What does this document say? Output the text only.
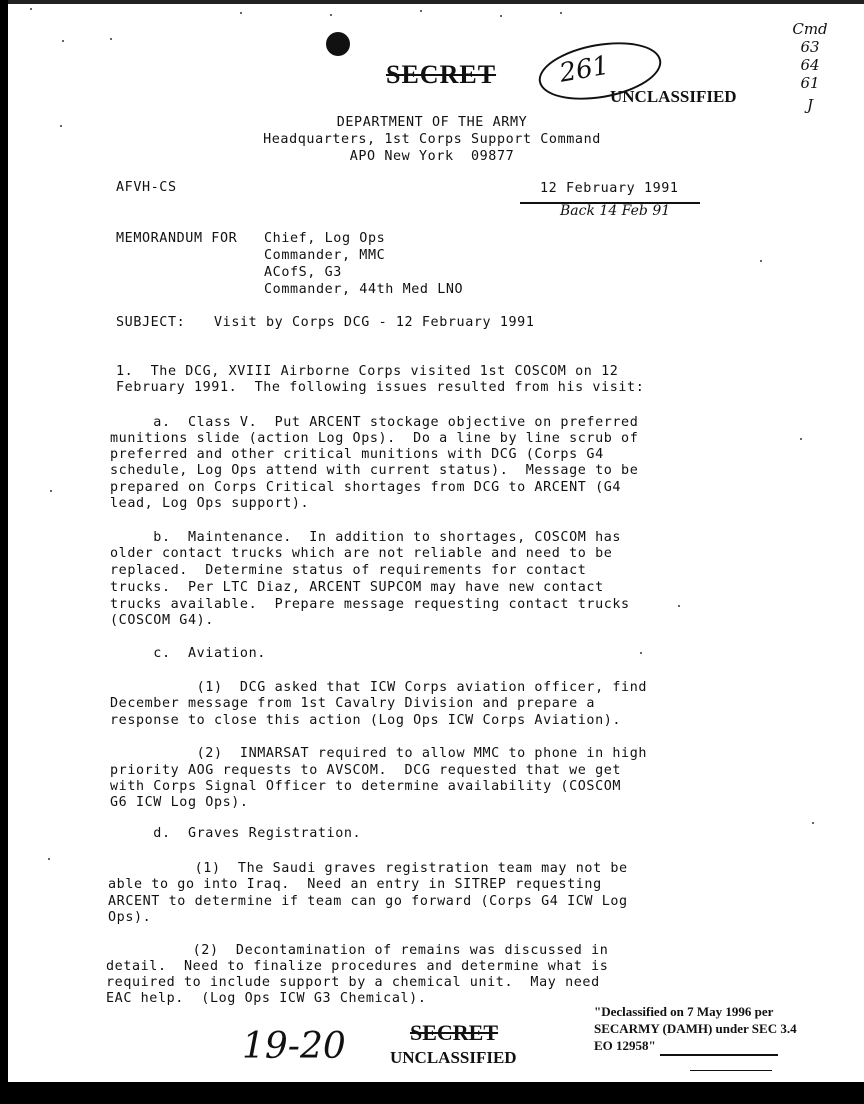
SECRET 261
UNCLASSIFIED
Cmd
63
64
61
J
DEPARTMENT OF THE ARMY
Headquarters, 1st Corps Support Command
APO New York  09877
AFVH-CS	12 February 1991
Back 14 Feb 91
MEMORANDUM FOR Chief, Log Ops
Commander, MMC
ACofS, G3
Commander, 44th Med LNO
SUBJECT: Visit by Corps DCG - 12 February 1991
1.  The DCG, XVIII Airborne Corps visited 1st COSCOM on 12
February 1991.  The following issues resulted from his visit:
a.  Class V.  Put ARCENT stockage objective on preferred
munitions slide (action Log Ops).  Do a line by line scrub of
preferred and other critical munitions with DCG (Corps G4
schedule, Log Ops attend with current status).  Message to be
prepared on Corps Critical shortages from DCG to ARCENT (G4
lead, Log Ops support).
b.  Maintenance.  In addition to shortages, COSCOM has
older contact trucks which are not reliable and need to be
replaced.  Determine status of requirements for contact
trucks.  Per LTC Diaz, ARCENT SUPCOM may have new contact
trucks available.  Prepare message requesting contact trucks
(COSCOM G4).
c.  Aviation.
(1)  DCG asked that ICW Corps aviation officer, find
December message from 1st Cavalry Division and prepare a
response to close this action (Log Ops ICW Corps Aviation).
(2)  INMARSAT required to allow MMC to phone in high
priority AOG requests to AVSCOM.  DCG requested that we get
with Corps Signal Officer to determine availability (COSCOM
G6 ICW Log Ops).
d.  Graves Registration.
(1)  The Saudi graves registration team may not be
able to go into Iraq.  Need an entry in SITREP requesting
ARCENT to determine if team can go forward (Corps G4 ICW Log
Ops).
(2)  Decontamination of remains was discussed in
detail.  Need to finalize procedures and determine what is
required to include support by a chemical unit.  May need
EAC help.  (Log Ops ICW G3 Chemical).
"Declassified on 7 May 1996 per
SECARMY (DAMH) under SEC 3.4
EO 12958"
19-20	SECRET
UNCLASSIFIED
